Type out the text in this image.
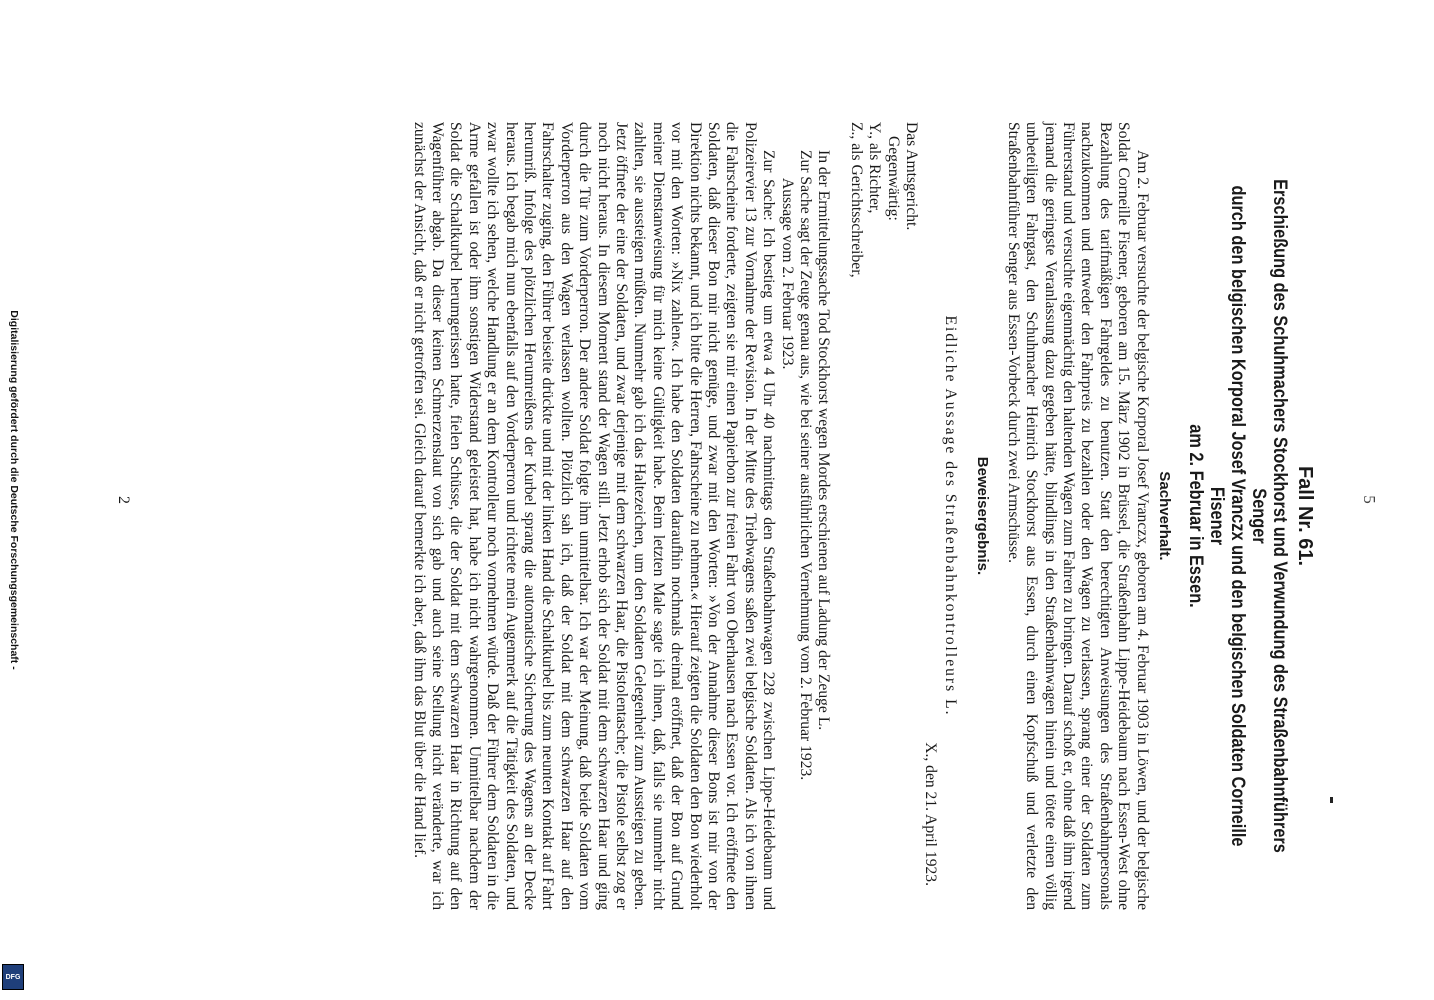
5
Fall Nr. 61.
Erschießung des Schuhmachers Stockhorst und Verwundung des Straßenbahnführers Senger
durch den belgischen Korporal Josef Vranczx und den belgischen Soldaten Corneille Fisener
am 2. Februar in Essen.
Sachverhalt.

Am 2. Februar versuchte der belgische Korporal Josef Vranczx, geboren am 4. Februar 1903 in Löwen, und der belgische Soldat Corneille Fisener, geboren am 15. März 1902 in Brüssel, die Straßenbahn Lippe-Heidebaum nach Essen-West ohne Bezahlung des tarifmäßigen Fahrgeldes zu benutzen. Statt den berechtigten Anweisungen des Straßenbahnpersonals nachzukommen und entweder den Fahrpreis zu bezahlen oder den Wagen zu verlassen, sprang einer der Soldaten zum Führerstand und versuchte eigenmächtig den haltenden Wagen zum Fahren zu bringen. Darauf schoß er, ohne daß ihm irgend jemand die geringste Veranlassung dazu gegeben hätte, blindlings in den Straßenbahnwagen hinein und tötete einen völlig unbeteiligten Fahrgast, den Schuhmacher Heinrich Stockhorst aus Essen, durch einen Kopfschuß und verletzte den Straßenbahnführer Senger aus Essen-Vorbeck durch zwei Armschüsse.

Beweisergebnis.

Eidliche Aussage des Straßenbahnkontrolleurs L.

X., den 21. April 1923.

Das Amtsgericht.

Gegenwärtig:

Y., als Richter,

Z., als Gerichtsschreiber,

In der Ermittelungssache Tod Stockhorst wegen Mordes erschienen auf Ladung der Zeuge L.

Zur Sache sagt der Zeuge genau aus, wie bei seiner ausführlichen Vernehmung vom 2. Februar 1923.

Aussage vom 2. Februar 1923.

Zur Sache: Ich bestieg um etwa 4 Uhr 40 nachmittags den Straßenbahnwagen 228 zwischen Lippe-Heidebaum und Polizeirevier 13 zur Vornahme der Revision. In der Mitte des Triebwagens saßen zwei belgische Soldaten. Als ich von ihnen die Fahrscheine forderte, zeigten sie mir einen Papierbon zur freien Fahrt von Oberhausen nach Essen vor. Ich eröffnete den Soldaten, daß dieser Bon mir nicht genüge, und zwar mit den Worten: »Von der Annahme dieser Bons ist mir von der Direktion nichts bekannt, und ich bitte die Herren, Fahrscheine zu nehmen.« Hierauf zeigten die Soldaten den Bon wiederholt vor mit den Worten: »Nix zahlen«. Ich habe den Soldaten daraufhin nochmals dreimal eröffnet, daß der Bon auf Grund meiner Dienstanweisung für mich keine Gültigkeit habe. Beim letzten Male sagte ich ihnen, daß, falls sie nunmehr nicht zahlten, sie aussteigen müßten. Nunmehr gab ich das Haltezeichen, um den Soldaten Gelegenheit zum Aussteigen zu geben. Jetzt öffnete der eine der Soldaten, und zwar derjenige mit dem schwarzen Haar, die Pistolentasche; die Pistole selbst zog er noch nicht heraus. In diesem Moment stand der Wagen still. Jetzt erhob sich der Soldat mit dem schwarzen Haar und ging durch die Tür zum Vorderperron. Der andere Soldat folgte ihm unmittelbar. Ich war der Meinung, daß beide Soldaten vom Vorderperron aus den Wagen verlassen wollten. Plötzlich sah ich, daß der Soldat mit dem schwarzen Haar auf den Fahrschalter zuging, den Führer beiseite drückte und mit der linken Hand die Schaltkurbel bis zum neunten Kontakt auf Fahrt herumriß. Infolge des plötzlichen Herumreißens der Kurbel sprang die automatische Sicherung des Wagens an der Decke heraus. Ich begab mich nun ebenfalls auf den Vorderperron und richtete mein Augenmerk auf die Tätigkeit des Soldaten, und zwar wollte ich sehen, welche Handlung er an dem Kontrolleur noch vornehmen würde. Daß der Führer dem Soldaten in die Arme gefallen ist oder ihm sonstigen Widerstand geleistet hat, habe ich nicht wahrgenommen. Unmittelbar nachdem der Soldat die Schaltkurbel herumgerissen hatte, fielen Schüsse, die der Soldat mit dem schwarzen Haar in Richtung auf den Wagenführer abgab. Da dieser keinen Schmerzenslaut von sich gab und auch seine Stellung nicht veränderte, war ich zunächst der Ansicht, daß er nicht getroffen sei. Gleich darauf bemerkte ich aber, daß ihm das Blut über die Hand lief.

2
Digitalisierung gefördert durch die Deutsche Forschungsgemeinschaft -
DFG
